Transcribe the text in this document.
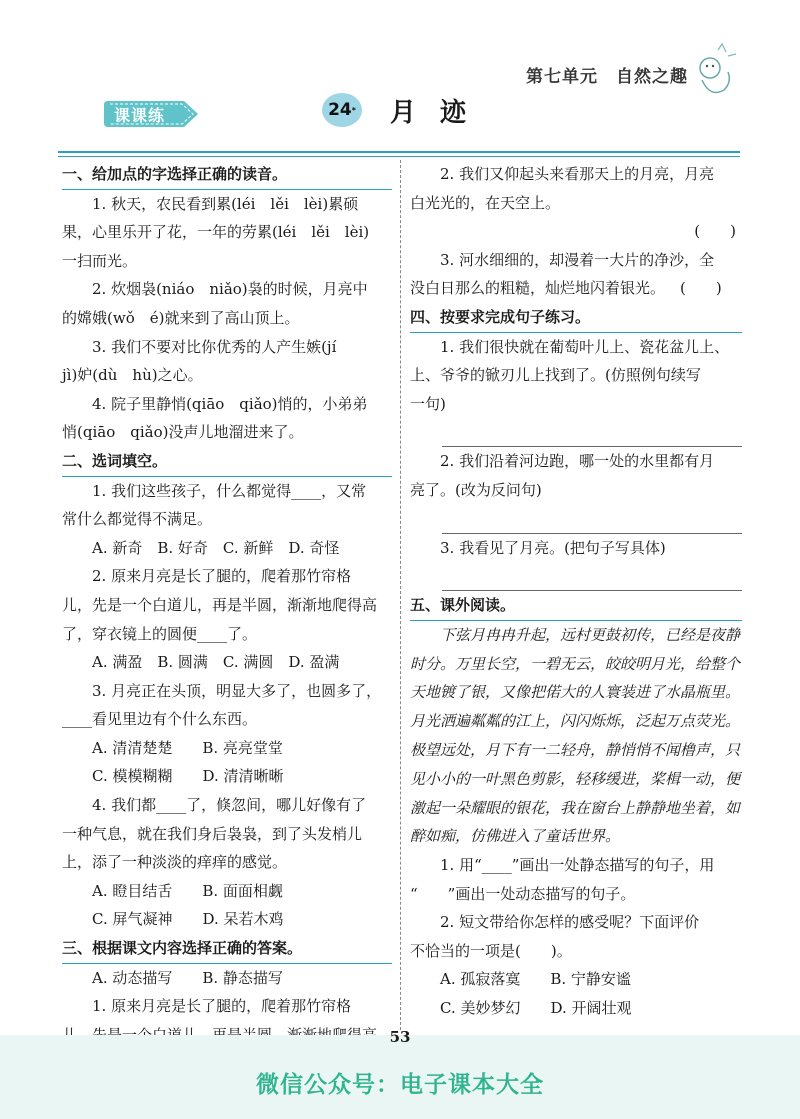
第七单元 自然之趣
课课练	24 * 月迹

一、给加点的字选择正确的读音。

1. 秋天，农民看到累(léi　lěi　lèi)累硕

果，心里乐开了花，一年的劳累(léi　lěi　lèi)

一扫而光。

2. 炊烟袅(niáo　niǎo)袅的时候，月亮中

的嫦娥(wǒ　é)就来到了高山顶上。

3. 我们不要对比你优秀的人产生嫉(jí

jì)妒(dù　hù)之心。

4. 院子里静悄(qiāo　qiǎo)悄的，小弟弟

悄(qiāo　qiǎo)没声儿地溜进来了。

二、选词填空。

1. 我们这些孩子，什么都觉得____，又常

常什么都觉得不满足。

A. 新奇　B. 好奇　C. 新鲜　D. 奇怪

2. 原来月亮是长了腿的，爬着那竹帘格

儿，先是一个白道儿，再是半圆，渐渐地爬得高

了，穿衣镜上的圆便____了。

A. 满盈　B. 圆满　C. 满圆　D. 盈满

3. 月亮正在头顶，明显大多了，也圆多了，

____看见里边有个什么东西。

A. 清清楚楚　　B. 亮亮堂堂

C. 模模糊糊　　D. 清清晰晰

4. 我们都____了，倏忽间，哪儿好像有了

一种气息，就在我们身后袅袅，到了头发梢儿

上，添了一种淡淡的痒痒的感觉。

A. 瞪目结舌　　B. 面面相觑

C. 屏气凝神　　D. 呆若木鸡

三、根据课文内容选择正确的答案。

A. 动态描写　　B. 静态描写

1. 原来月亮是长了腿的，爬着那竹帘格

2. 我们又仰起头来看那天上的月亮，月亮

白光光的，在天空上。

(　　)

3. 河水细细的，却漫着一大片的净沙，全

没白日那么的粗糙，灿烂地闪着银光。 (　　)

四、按要求完成句子练习。

1. 我们很快就在葡萄叶儿上、瓷花盆儿上、

上、爷爷的锨刃儿上找到了。(仿照例句续写

一句)

2. 我们沿着河边跑，哪一处的水里都有月

亮了。(改为反问句)

3. 我看见了月亮。(把句子写具体)

五、课外阅读。

下弦月冉冉升起，远村更鼓初传，已经是夜静时分。万里长空，一碧无云，皎皎明月光，给整个天地镀了银，又像把偌大的人寰装进了水晶瓶里。月光洒遍粼粼的江上，闪闪烁烁，泛起万点荧光。极望远处，月下有一二轻舟，静悄悄不闻橹声，只见小小的一叶黑色剪影，轻移缓进，桨楫一动，便激起一朵耀眼的银花，我在窗台上静静地坐着，如醉如痴，仿佛进入了童话世界。

1. 用“____”画出一处静态描写的句子，用

“　　”画出一处动态描写的句子。

2. 短文带给你怎样的感受呢？下面评价

不恰当的一项是(　　)。

A. 孤寂落寞　　B. 宁静安谧

C. 美妙梦幻　　D. 开阔壮观

53
微信公众号：电子课本大全
